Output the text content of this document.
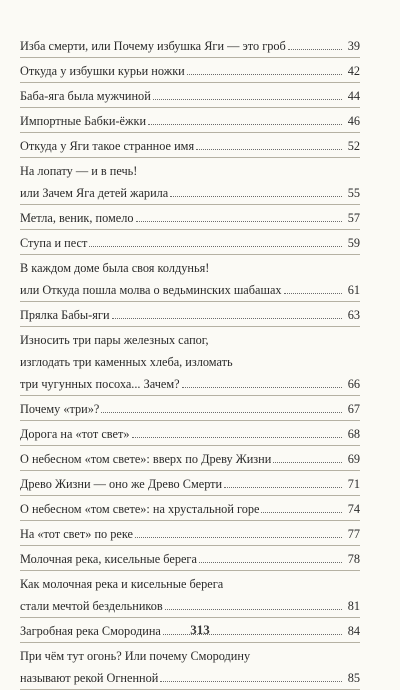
Изба смерти, или Почему избушка Яги — это гроб	39
Откуда у избушки курьи ножки	42
Баба-яга была мужчиной	44
Импортные Бабки-ёжки	46
Откуда у Яги такое странное имя	52
На лопату — и в печь!
или Зачем Яга детей жарила	55
Метла, веник, помело	57
Ступа и пест	59
В каждом доме была своя колдунья!
или Откуда пошла молва о ведьминских шабашах	61
Прялка Бабы-яги	63
Износить три пары железных сапог,
изглодать три каменных хлеба, изломать
три чугунных посоха... Зачем?	66
Почему «три»?	67
Дорога на «тот свет»	68
О небесном «том свете»: вверх по Древу Жизни	69
Древо Жизни — оно же Древо Смерти	71
О небесном «том свете»: на хрустальной горе	74
На «тот свет» по реке	77
Молочная река, кисельные берега	78
Как молочная река и кисельные берега
стали мечтой бездельников	81
Загробная река Смородина	84
При чём тут огонь? Или почему Смородину
называют рекой Огненной	85
313
